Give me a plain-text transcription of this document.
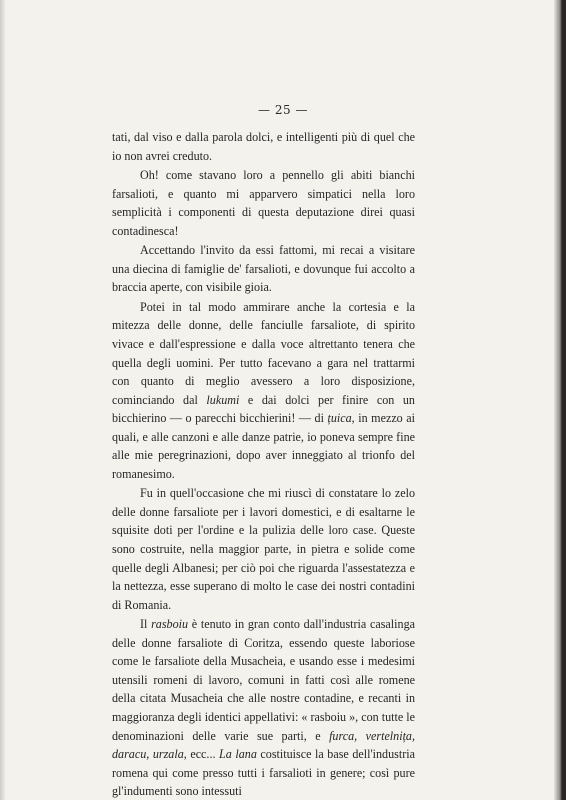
— 25 —

tati, dal viso e dalla parola dolci, e intelligenti più di quel che io non avrei creduto.

Oh! come stavano loro a pennello gli abiti bianchi farsalioti, e quanto mi apparvero simpatici nella loro semplicità i componenti di questa deputazione direi quasi contadinesca!

Accettando l'invito da essi fattomi, mi recai a visitare una diecina di famiglie de' farsalioti, e dovunque fui accolto a braccia aperte, con visibile gioia.

Potei in tal modo ammirare anche la cortesia e la mitezza delle donne, delle fanciulle farsaliote, di spirito vivace e dall'espressione e dalla voce altrettanto tenera che quella degli uomini. Per tutto facevano a gara nel trattarmi con quanto di meglio avessero a loro disposizione, cominciando dal lukumi e dai dolci per finire con un bicchierino — o parecchi bicchierini! — di țuica, in mezzo ai quali, e alle canzoni e alle danze patrie, io poneva sempre fine alle mie peregrinazioni, dopo aver inneggiato al trionfo del romanesimo.

Fu in quell'occasione che mi riuscì di constatare lo zelo delle donne farsaliote per i lavori domestici, e di esaltarne le squisite doti per l'ordine e la pulizia delle loro case. Queste sono costruite, nella maggior parte, in pietra e solide come quelle degli Albanesi; per ciò poi che riguarda l'assestatezza e la nettezza, esse superano di molto le case dei nostri contadini di Romania.

Il rasboiu è tenuto in gran conto dall'industria casalinga delle donne farsaliote di Coritza, essendo queste laboriose come le farsaliote della Musacheia, e usando esse i medesimi utensili romeni di lavoro, comuni in fatti così alle romene della citata Musacheia che alle nostre contadine, e recanti in maggioranza degli identici appellativi: « rasboiu », con tutte le denominazioni delle varie sue parti, e furca, vertelnița, daracu, urzala, ecc... La lana costituisce la base dell'industria romena qui come presso tutti i farsalioti in genere; così pure gl'indumenti sono intessuti
